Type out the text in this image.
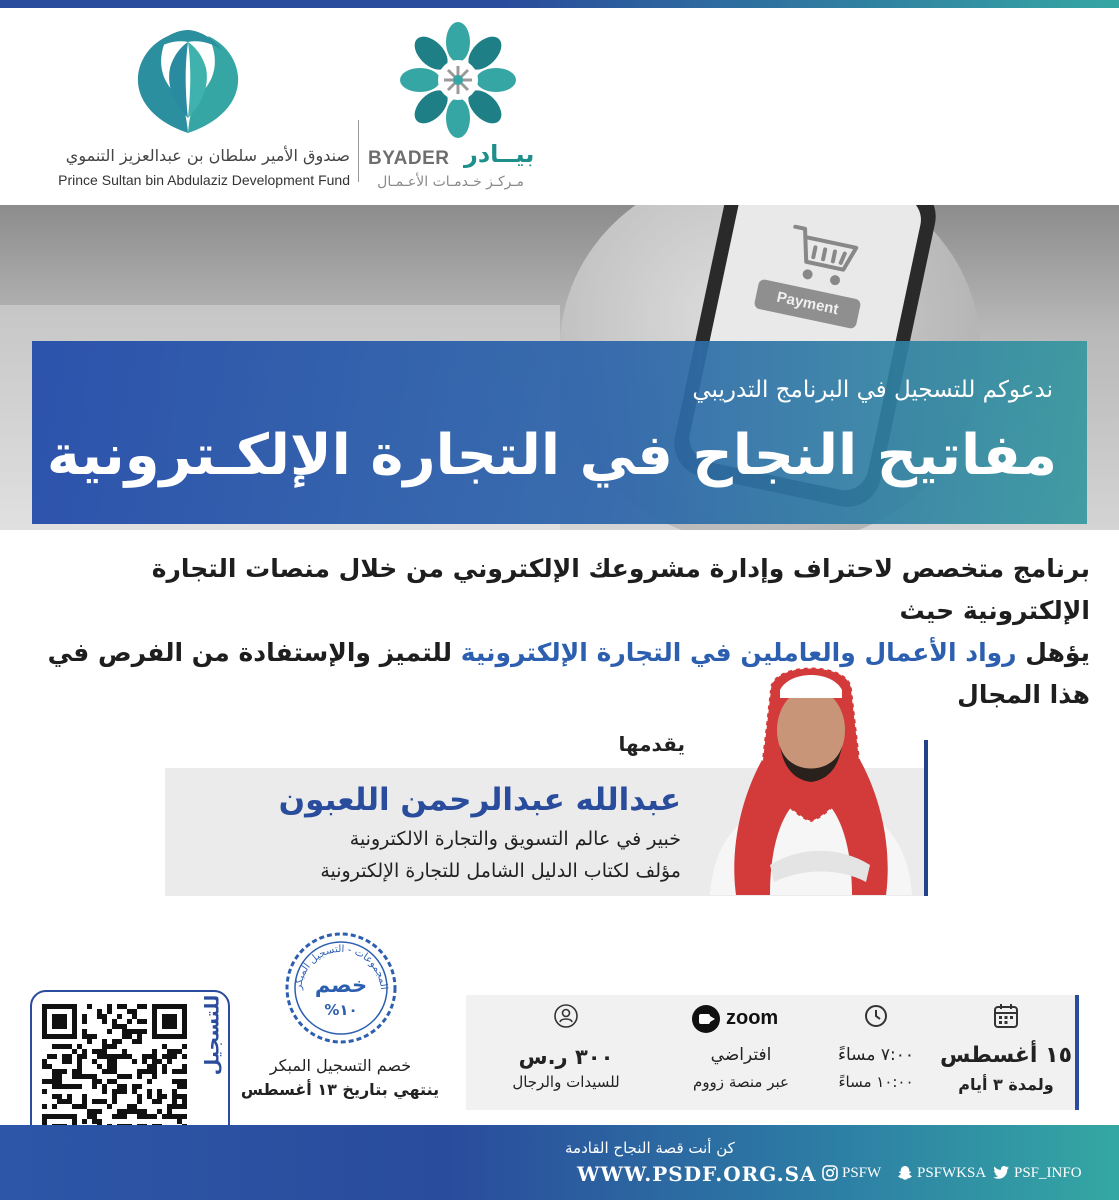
صندوق الأمير سلطان بن عبدالعزيز التنموي
Prince Sultan bin Abdulaziz Development Fund
BYADER بيــادر
مـركـز خـدمـات الأعـمـال
Payment
ندعوكم للتسجيل في البرنامج التدريبي
مفاتيح النجاح في التجارة الإلكـترونية
برنامج متخصص لاحتراف وإدارة مشروعك الإلكتروني من خلال منصات التجارة الإلكترونية حيث
يؤهل رواد الأعمال والعاملين في التجارة الإلكترونية للتميز والإستفادة من الفرص في هذا المجال
يقدمها
عبدالله عبدالرحمن اللعبون
خبير في عالم التسويق والتجارة الالكترونية
مؤلف لكتاب الدليل الشامل للتجارة الإلكترونية
١٥ أغسطس
ولمدة ٣ أيام
٧:٠٠ مساءً
١٠:٠٠ مساءً
zoom
افتراضي
عبر منصة زووم
٣٠٠ ر.س
للسيدات والرجال
المجموعات - التسجيل المبكر
خصم
١٠%
خصم التسجيل المبكر
ينتهي بتاريخ ١٣ أغسطس
للتسجيل
كن أنت قصة النجاح القادمة
WWW.PSDF.ORG.SA	PSFW	PSFWKSA	PSF_INFO
